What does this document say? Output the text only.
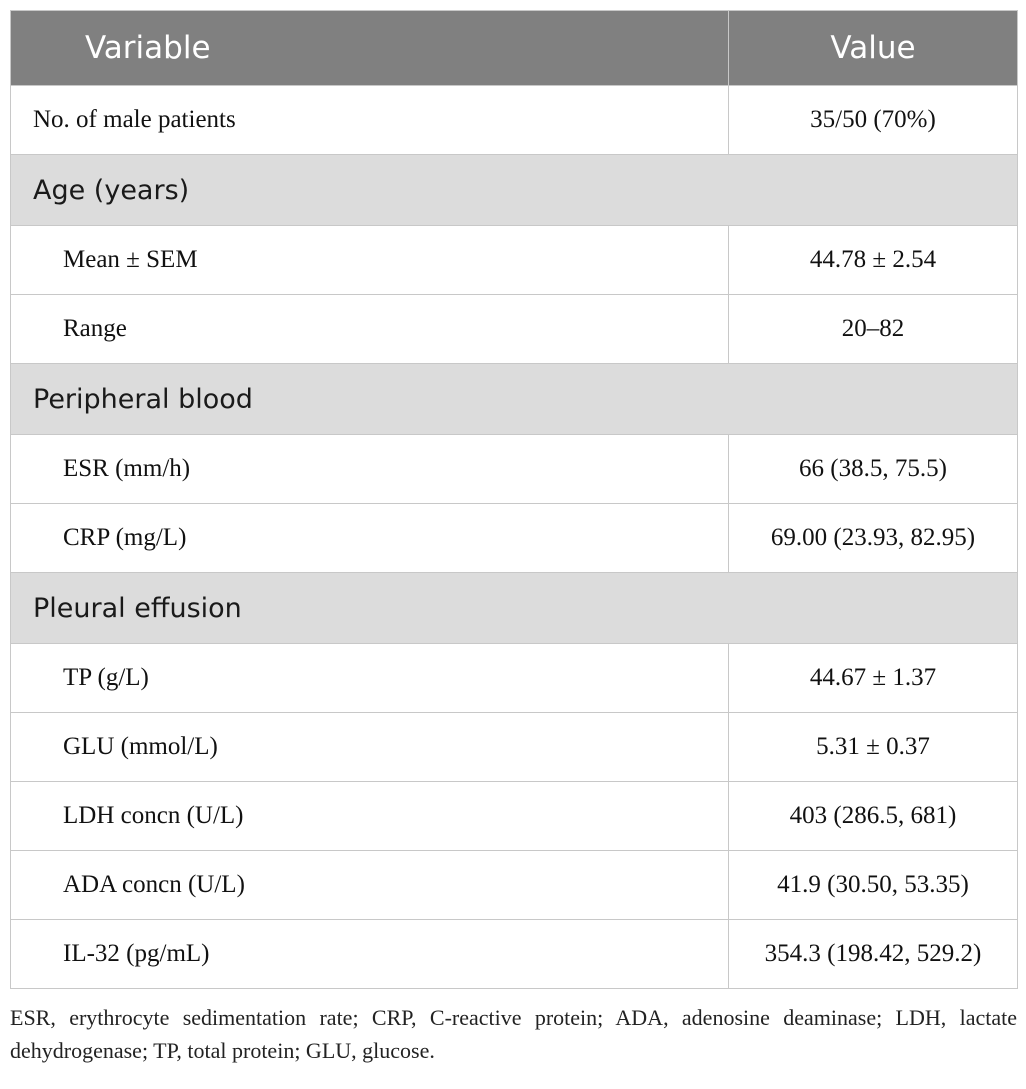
Variable	Value
No. of male patients	35/50 (70%)
Age (years)	
Mean ± SEM	44.78 ± 2.54
Range	20–82
Peripheral blood	
ESR (mm/h)	66 (38.5, 75.5)
CRP (mg/L)	69.00 (23.93, 82.95)
Pleural effusion	
TP (g/L)	44.67 ± 1.37
GLU (mmol/L)	5.31 ± 0.37
LDH concn (U/L)	403 (286.5, 681)
ADA concn (U/L)	41.9 (30.50, 53.35)
IL-32 (pg/mL)	354.3 (198.42, 529.2)

ESR, erythrocyte sedimentation rate; CRP, C-reactive protein; ADA, adenosine deaminase; LDH, lactate dehydrogenase; TP, total protein; GLU, glucose.
